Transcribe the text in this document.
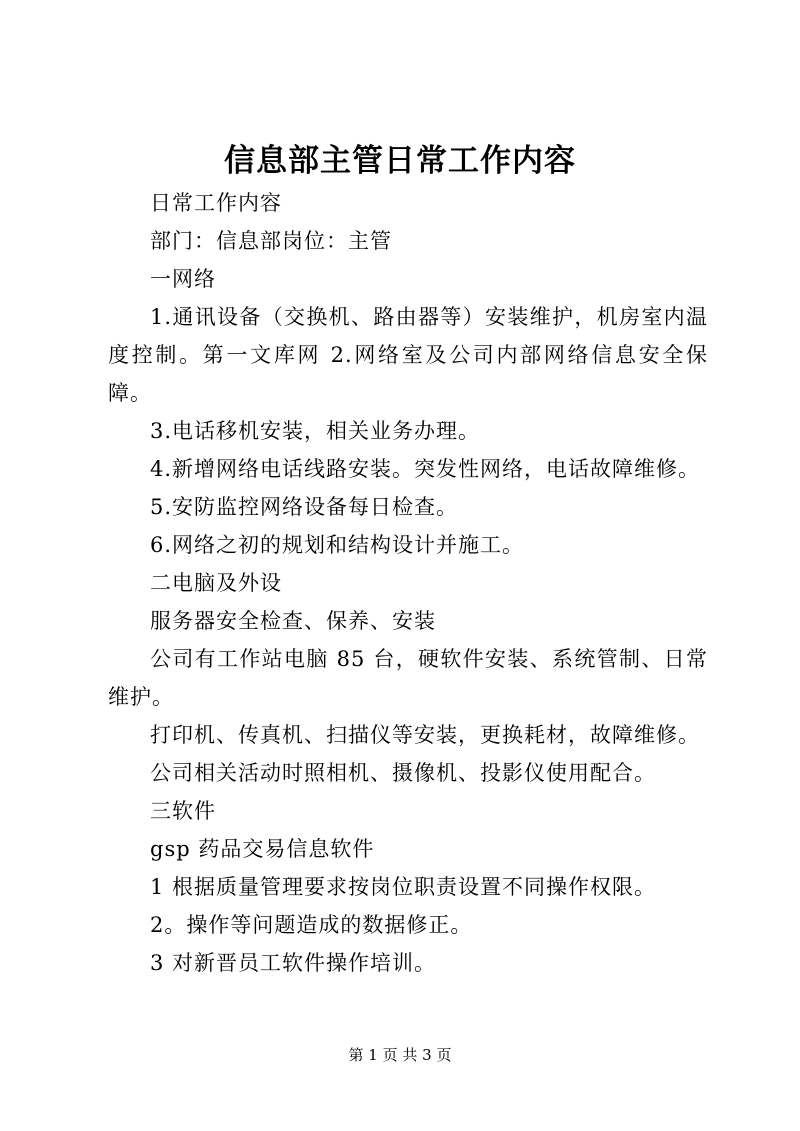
信息部主管日常工作内容

日常工作内容

部门：信息部岗位：主管

一网络

1.通讯设备（交换机、路由器等）安装维护，机房室内温度控制。第一文库网 2.网络室及公司内部网络信息安全保障。

3.电话移机安装，相关业务办理。

4.新增网络电话线路安装。突发性网络，电话故障维修。

5.安防监控网络设备每日检查。

6.网络之初的规划和结构设计并施工。

二电脑及外设

服务器安全检查、保养、安装

公司有工作站电脑 85 台，硬软件安装、系统管制、日常维护。

打印机、传真机、扫描仪等安装，更换耗材，故障维修。

公司相关活动时照相机、摄像机、投影仪使用配合。

三软件

gsp 药品交易信息软件

1 根据质量管理要求按岗位职责设置不同操作权限。

2。操作等问题造成的数据修正。

3 对新晋员工软件操作培训。

第 1 页 共 3 页
